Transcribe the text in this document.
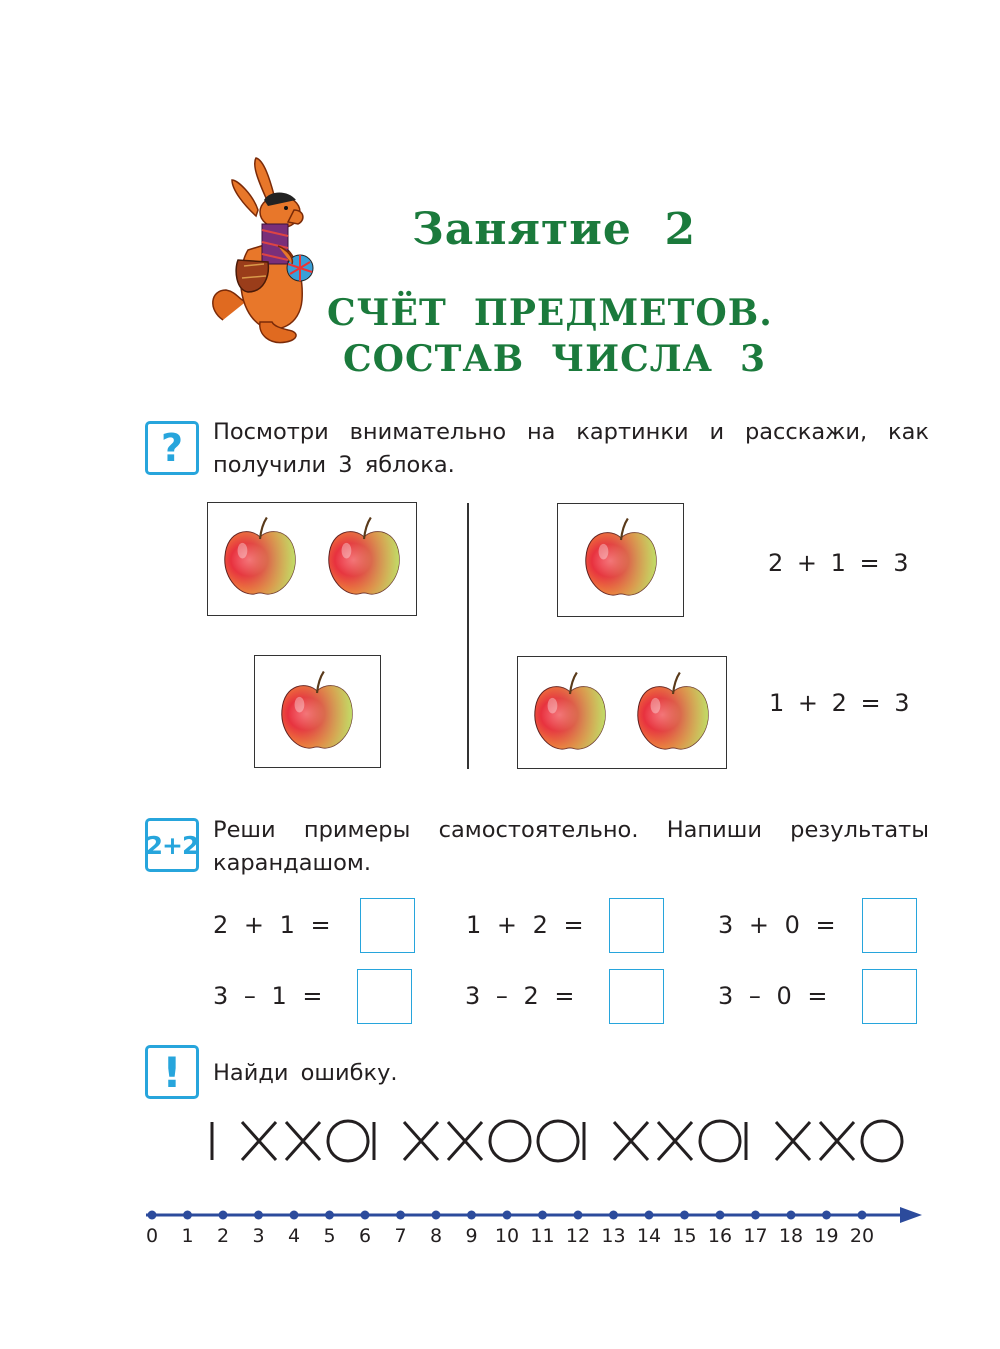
Занятие  2
СЧЁТ  ПРЕДМЕТОВ.
СОСТАВ  ЧИСЛА  3
?	Посмотри внимательно на картинки и расскажи, как получили 3 яблока.
2 + 1 = 3
1 + 2 = 3
2+2
Реши примеры самостоятельно. Напиши результаты карандашом.
2 + 1 =	1 + 2 =	3 + 0 =
3 – 1 =	3 – 2 =	3 – 0 =
!	Найди ошибку.
0	1	2	3	4	5	6	7	8	9 10 11 12 13 14 15 16 17 18 19 20
